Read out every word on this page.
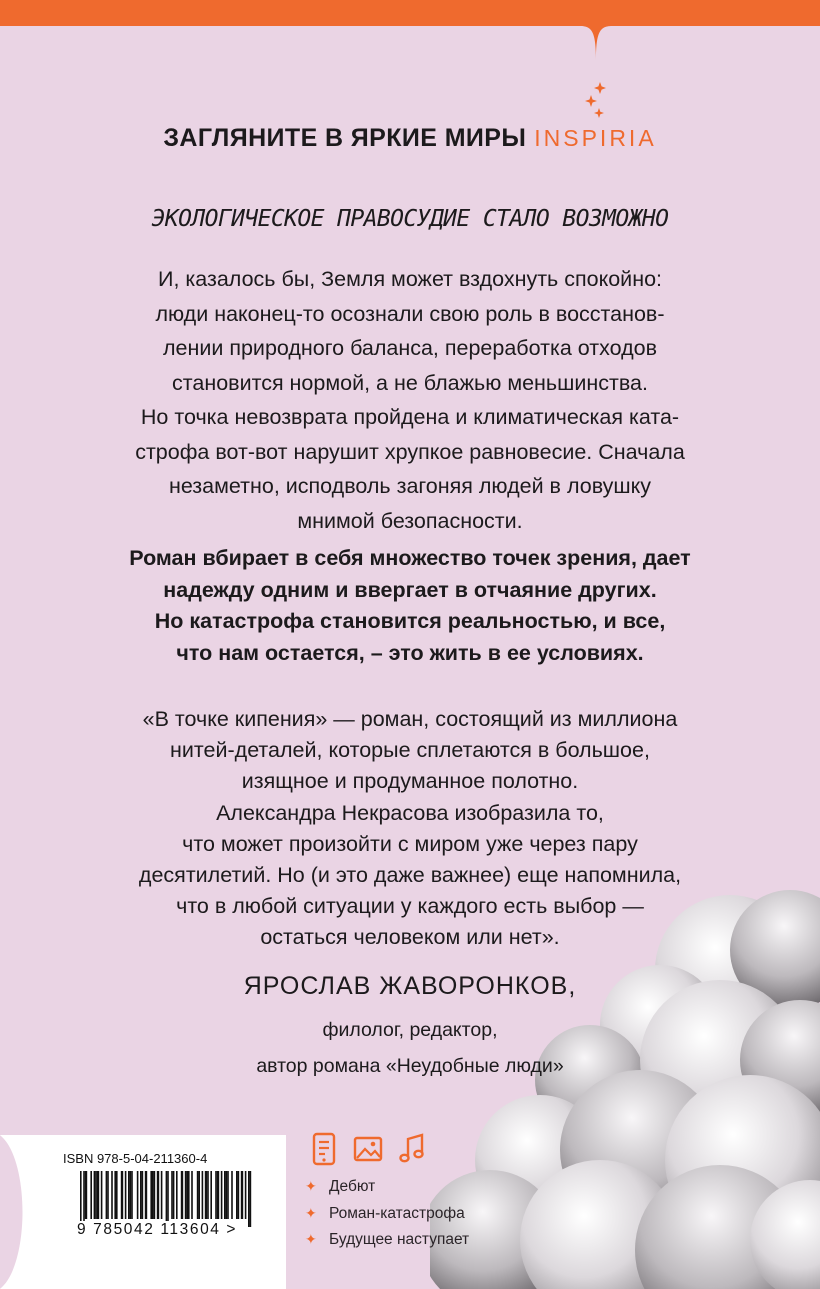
ЗАГЛЯНИТЕ В ЯРКИЕ МИРЫ INSPIRIA
ЭКОЛОГИЧЕСКОЕ ПРАВОСУДИЕ СТАЛО ВОЗМОЖНО
И, казалось бы, Земля может вздохнуть спокойно:
люди наконец-то осознали свою роль в восстанов-
лении природного баланса, переработка отходов
становится нормой, а не блажью меньшинства.
Но точка невозврата пройдена и климатическая ката-
строфа вот-вот нарушит хрупкое равновесие. Сначала
незаметно, исподволь загоняя людей в ловушку
мнимой безопасности.
Роман вбирает в себя множество точек зрения, дает
надежду одним и ввергает в отчаяние других.
Но катастрофа становится реальностью, и все,
что нам остается, – это жить в ее условиях.
«В точке кипения» — роман, состоящий из миллиона
нитей-деталей, которые сплетаются в большое,
изящное и продуманное полотно.
Александра Некрасова изобразила то,
что может произойти с миром уже через пару
десятилетий. Но (и это даже важнее) еще напомнила,
что в любой ситуации у каждого есть выбор —
остаться человеком или нет».
ЯРОСЛАВ ЖАВОРОНКОВ,
филолог, редактор,
автор романа «Неудобные люди»
ISBN 978-5-04-211360-4
9 785042 113604 >
✦ Дебют
✦ Роман-катастрофа
✦ Будущее наступает
